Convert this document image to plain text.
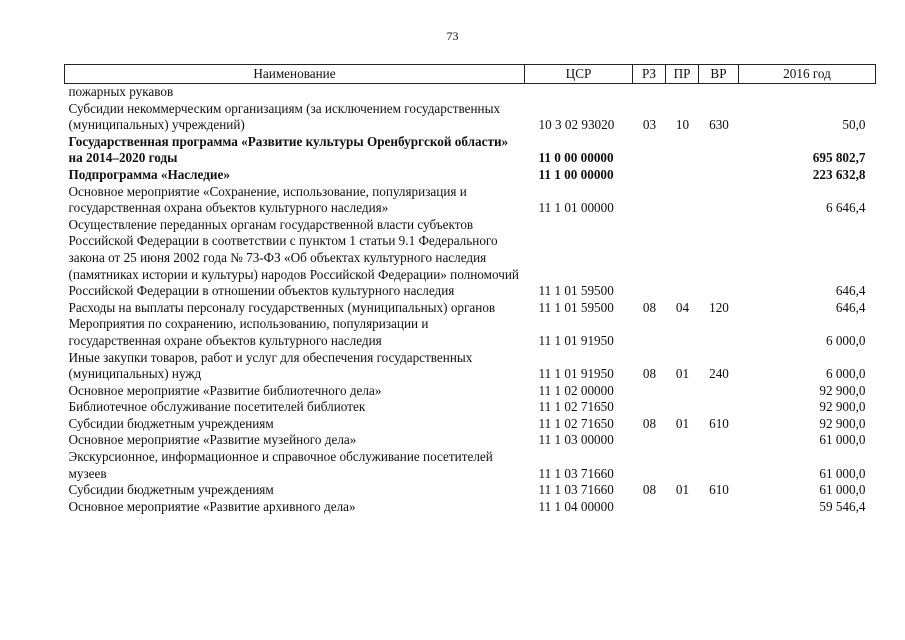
73
Наименование	ЦСР	РЗ	ПР	ВР	2016 год
пожарных рукавов					
Субсидии некоммерческим организациям (за исключением государственных (муниципальных) учреждений)	10 3 02 93020	03	10	630	50,0
Государственная программа «Развитие культуры Оренбургской области» на 2014–2020 годы	11 0 00 00000				695 802,7
Подпрограмма «Наследие»	11 1 00 00000				223 632,8
Основное мероприятие «Сохранение, использование, популяризация и государственная охрана объектов культурного наследия»	11 1 01 00000				6 646,4
Осуществление переданных органам государственной власти субъектов Российской Федерации в соответствии с пунктом 1 статьи 9.1 Федерального закона от 25 июня 2002 года № 73-ФЗ «Об объектах культурного наследия (памятниках истории и культуры) народов Российской Федерации» полномочий Российской Федерации в отношении объектов культурного наследия	11 1 01 59500				646,4
Расходы на выплаты персоналу государственных (муниципальных) органов	11 1 01 59500	08	04	120	646,4
Мероприятия по сохранению, использованию, популяризации и государственная охране объектов культурного наследия	11 1 01 91950				6 000,0
Иные закупки товаров, работ и услуг для обеспечения государственных (муниципальных) нужд	11 1 01 91950	08	01	240	6 000,0
Основное мероприятие «Развитие библиотечного дела»	11 1 02 00000				92 900,0
Библиотечное обслуживание посетителей библиотек	11 1 02 71650				92 900,0
Субсидии бюджетным учреждениям	11 1 02 71650	08	01	610	92 900,0
Основное мероприятие «Развитие музейного дела»	11 1 03 00000				61 000,0
Экскурсионное, информационное и справочное обслуживание посетителей музеев	11 1 03 71660				61 000,0
Субсидии бюджетным учреждениям	11 1 03 71660	08	01	610	61 000,0
Основное мероприятие «Развитие архивного дела»	11 1 04 00000				59 546,4
